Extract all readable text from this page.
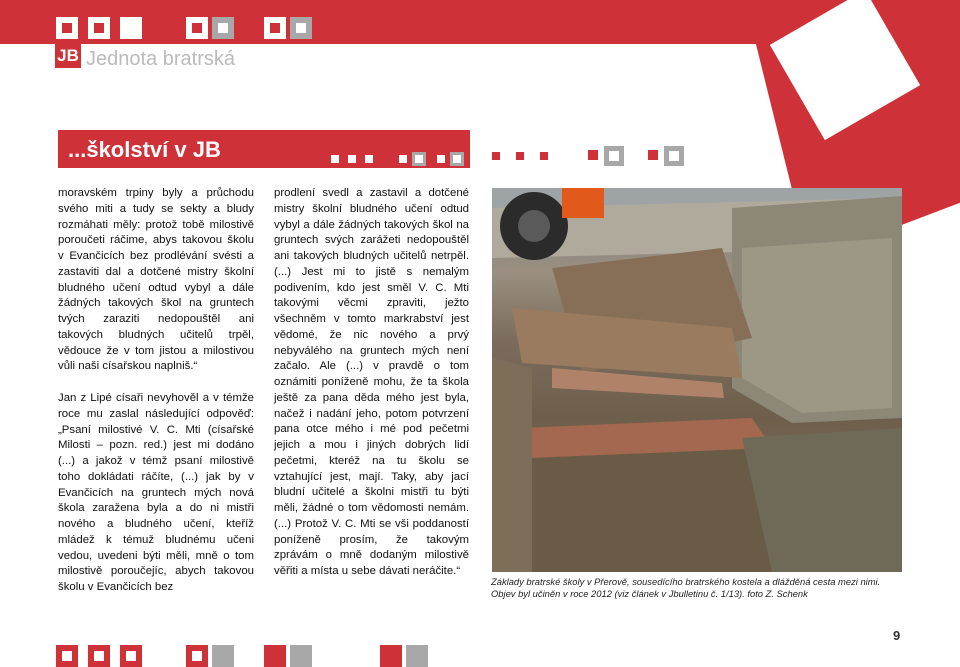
JB Jednota bratrská
...školství v JB

moravském trpiny byly a průchodu svého miti a tudy se sekty a bludy rozmáhati měly: protož tobě milostivě poroučeti ráčime, abys takovou školu v Evančicích bez prodlévání svésti a zastaviti dal a dotčené mistry školní bludného učení odtud vybyl a dále žádných takových škol na gruntech tvých zaraziti nedopouštěl ani takových bludných učitelů trpěl, vědouce že v tom jistou a milostivou vůli naši císařskou naplniš.“

Jan z Lipé císaři nevyhověl a v témže roce mu zaslal následující odpověď: „Psaní milostivé V. C. Mti (císařské Milosti – pozn. red.) jest mi dodáno (...) a jakož v témž psaní milostivě toho dokládati ráčíte, (...) jak by v Evančicích na gruntech mých nová škola zaražena byla a do ni mistři nového a bludného učení, kteříž mládež k témuž bludnému učeni vedou, uvedeni býti měli, mně o tom milostivě poroučejíc, abych takovou školu v Evančicích bez

prodlení svedl a zastavil a dotčené mistry školní bludného učení odtud vybyl a dále žádných takových škol na gruntech svých zarážeti nedopouštěl ani takových bludných učitelů netrpěl. (...) Jest mi to jistě s nemalým podivením, kdo jest směl V. C. Mti takovými věcmi zpraviti, ježto všechněm v tomto markrabství jest vědomé, že nic nového a prvý nebyválého na gruntech mých není začalo. Ale (...) v pravdě o tom oznámiti poníženě mohu, že ta škola ještě za pana děda mého jest byla, načež i nadání jeho, potom potvrzení pana otce mého i mé pod pečetmi jejich a mou i jiných dobrých lidí pečetmi, kteréž na tu školu se vztahující jest, mají. Taky, aby jací bludní učitelé a školni mistři tu býti měli, žádné o tom vědomosti nemám. (...) Protož V. C. Mti se vši poddaností poníženě prosím, že takovým zprávám o mně dodaným milostivě věřiti a místa u sebe dávati neráčite.“

Základy bratrské školy v Přerově, sousedícího bratrského kostela a dlážděná cesta mezi nimi. Objev byl učiněn v roce 2012 (viz článek v Jbulletinu č. 1/13). foto Z. Schenk
9
